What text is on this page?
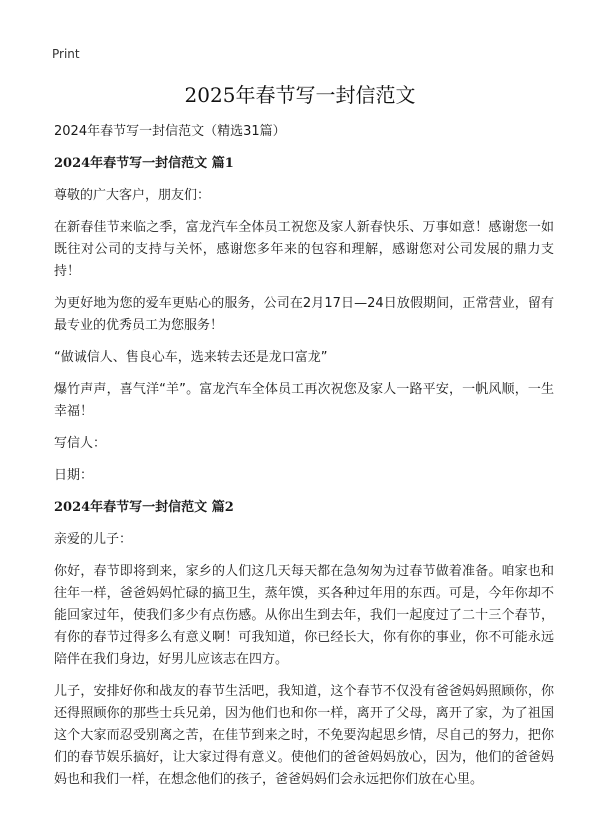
Print
2025年春节写一封信范文

2024年春节写一封信范文（精选31篇）

2024年春节写一封信范文 篇1

尊敬的广大客户，朋友们：

在新春佳节来临之季，富龙汽车全体员工祝您及家人新春快乐、万事如意！感谢您一如既往对公司的支持与关怀，感谢您多年来的包容和理解，感谢您对公司发展的鼎力支持！

为更好地为您的爱车更贴心的服务，公司在2月17日—24日放假期间，正常营业，留有最专业的优秀员工为您服务！

“做诚信人、售良心车，选来转去还是龙口富龙”

爆竹声声，喜气洋“羊”。富龙汽车全体员工再次祝您及家人一路平安，一帆风顺，一生幸福！

写信人：

日期：

2024年春节写一封信范文 篇2

亲爱的儿子：

你好，春节即将到来，家乡的人们这几天每天都在急匆匆为过春节做着准备。咱家也和往年一样，爸爸妈妈忙碌的搞卫生，蒸年馍，买各种过年用的东西。可是，今年你却不能回家过年，使我们多少有点伤感。从你出生到去年，我们一起度过了二十三个春节，有你的春节过得多么有意义啊！可我知道，你已经长大，你有你的事业，你不可能永远陪伴在我们身边，好男儿应该志在四方。

儿子，安排好你和战友的春节生活吧，我知道，这个春节不仅没有爸爸妈妈照顾你，你还得照顾你的那些士兵兄弟，因为他们也和你一样，离开了父母，离开了家，为了祖国这个大家而忍受别离之苦，在佳节到来之时，不免要沟起思乡情，尽自己的努力，把你们的春节娱乐搞好，让大家过得有意义。使他们的爸爸妈妈放心，因为，他们的爸爸妈妈也和我们一样，在想念他们的孩子，爸爸妈妈们会永远把你们放在心里。
